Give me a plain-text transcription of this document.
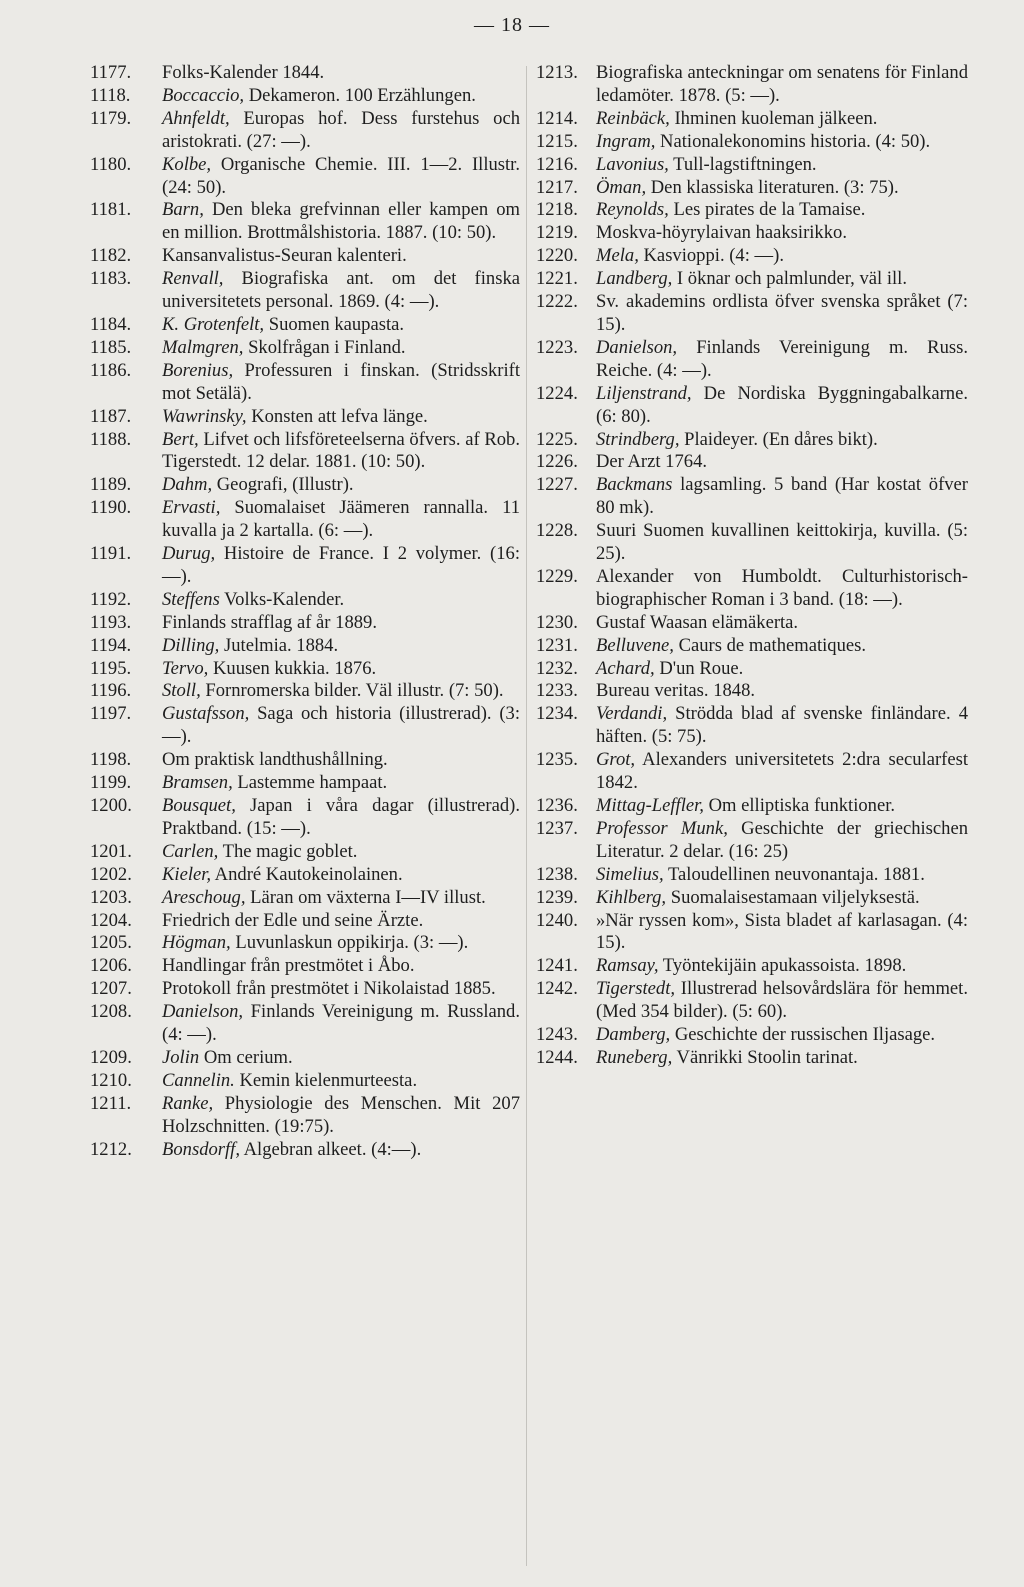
— 18 —
1177. Folks-Kalender 1844.
1118. Boccaccio, Dekameron. 100 Erzählungen.
1179. Ahnfeldt, Europas hof. Dess furstehus och aristokrati. (27: —).
1180. Kolbe, Organische Chemie. III. 1—2. Illustr. (24: 50).
1181. Barn, Den bleka grefvinnan eller kampen om en million. Brottmålshistoria. 1887. (10: 50).
1182. Kansanvalistus-Seuran kalenteri.
1183. Renvall, Biografiska ant. om det finska universitetets personal. 1869. (4: —).
1184. K. Grotenfelt, Suomen kaupasta.
1185. Malmgren, Skolfrågan i Finland.
1186. Borenius, Professuren i finskan. (Stridsskrift mot Setälä).
1187. Wawrinsky, Konsten att lefva länge.
1188. Bert, Lifvet och lifsföreteelserna öfvers. af Rob. Tigerstedt. 12 delar. 1881. (10: 50).
1189. Dahm, Geografi, (Illustr).
1190. Ervasti, Suomalaiset Jäämeren rannalla. 11 kuvalla ja 2 kartalla. (6: —).
1191. Durug, Histoire de France. I 2 volymer. (16: —).
1192. Steffens Volks-Kalender.
1193. Finlands strafflag af år 1889.
1194. Dilling, Jutelmia. 1884.
1195. Tervo, Kuusen kukkia. 1876.
1196. Stoll, Fornromerska bilder. Väl illustr. (7: 50).
1197. Gustafsson, Saga och historia (illustrerad). (3: —).
1198. Om praktisk landthushållning.
1199. Bramsen, Lastemme hampaat.
1200. Bousquet, Japan i våra dagar (illustrerad). Praktband. (15: —).
1201. Carlen, The magic goblet.
1202. Kieler, André Kautokeinolainen.
1203. Areschoug, Läran om växterna I—IV illust.
1204. Friedrich der Edle und seine Ärzte.
1205. Högman, Luvunlaskun oppikirja. (3: —).
1206. Handlingar från prestmötet i Åbo.
1207. Protokoll från prestmötet i Nikolaistad 1885.
1208. Danielson, Finlands Vereinigung m. Russland. (4: —).
1209. Jolin Om cerium.
1210. Cannelin. Kemin kielenmurteesta.
1211. Ranke, Physiologie des Menschen. Mit 207 Holzschnitten. (19:75).
1212. Bonsdorff, Algebran alkeet. (4:—).
1213. Biografiska anteckningar om senatens för Finland ledamöter. 1878. (5: —).
1214. Reinbäck, Ihminen kuoleman jälkeen.
1215. Ingram, Nationalekonomins historia. (4: 50).
1216. Lavonius, Tull-lagstiftningen.
1217. Öman, Den klassiska literaturen. (3: 75).
1218. Reynolds, Les pirates de la Tamaise.
1219. Moskva-höyrylaivan haaksirikko.
1220. Mela, Kasvioppi. (4: —).
1221. Landberg, I öknar och palmlunder, väl ill.
1222. Sv. akademins ordlista öfver svenska språket (7: 15).
1223. Danielson, Finlands Vereinigung m. Russ. Reiche. (4: —).
1224. Liljenstrand, De Nordiska Byggningabalkarne. (6: 80).
1225. Strindberg, Plaideyer. (En dåres bikt).
1226. Der Arzt 1764.
1227. Backmans lagsamling. 5 band (Har kostat öfver 80 mk).
1228. Suuri Suomen kuvallinen keittokirja, kuvilla. (5: 25).
1229. Alexander von Humboldt. Culturhistorisch-biographischer Roman i 3 band. (18: —).
1230. Gustaf Waasan elämäkerta.
1231. Belluvene, Caurs de mathematiques.
1232. Achard, D'un Roue.
1233. Bureau veritas. 1848.
1234. Verdandi, Strödda blad af svenske finländare. 4 häften. (5: 75).
1235. Grot, Alexanders universitetets 2:dra secularfest 1842.
1236. Mittag-Leffler, Om elliptiska funktioner.
1237. Professor Munk, Geschichte der griechischen Literatur. 2 delar. (16: 25)
1238. Simelius, Taloudellinen neuvonantaja. 1881.
1239. Kihlberg, Suomalaisestamaan viljelyksestä.
1240. »När ryssen kom», Sista bladet af karlasagan. (4: 15).
1241. Ramsay, Työntekijäin apukassoista. 1898.
1242. Tigerstedt, Illustrerad helsovårdslära för hemmet. (Med 354 bilder). (5: 60).
1243. Damberg, Geschichte der russischen Iljasage.
1244. Runeberg, Vänrikki Stoolin tarinat.
